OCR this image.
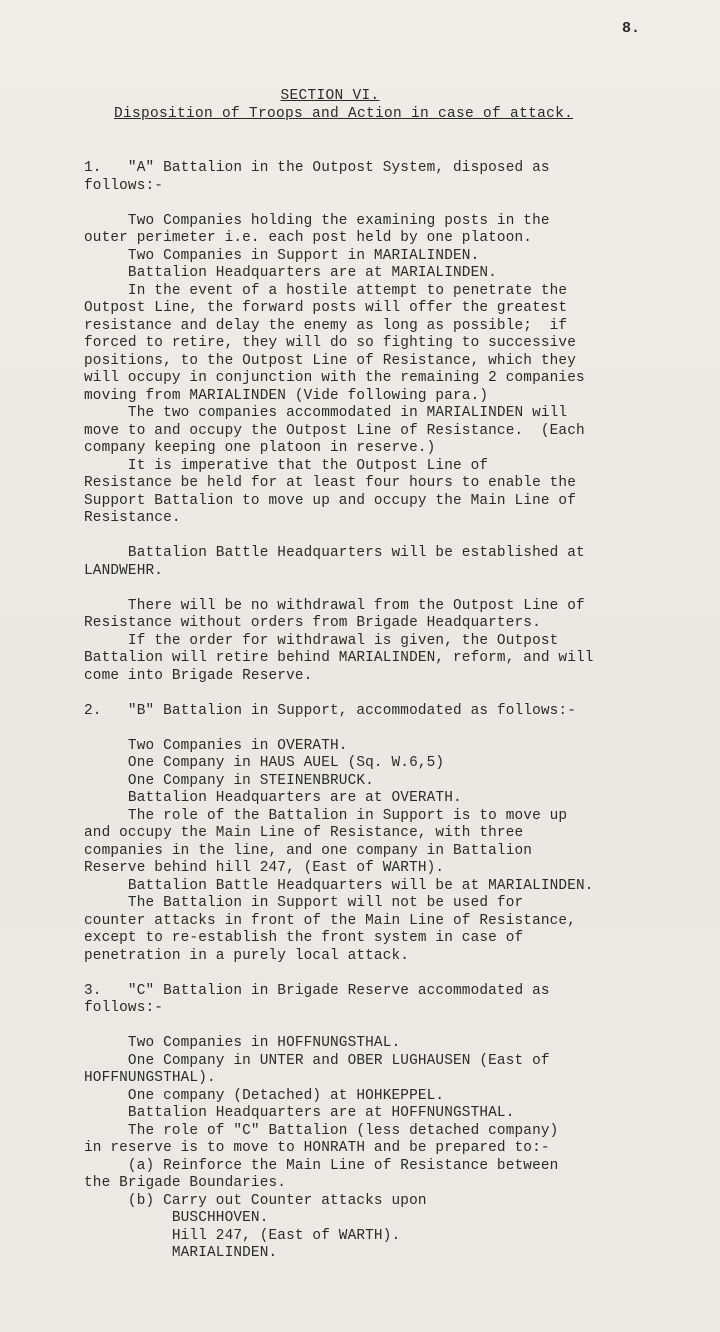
8.
SECTION VI.
Disposition of Troops and Action in case of attack.
1.   "A" Battalion in the Outpost System, disposed as
follows:-
Two Companies holding the examining posts in the
outer perimeter i.e. each post held by one platoon.
Two Companies in Support in MARIALINDEN.
Battalion Headquarters are at MARIALINDEN.
In the event of a hostile attempt to penetrate the
Outpost Line, the forward posts will offer the greatest
resistance and delay the enemy as long as possible;  if
forced to retire, they will do so fighting to successive
positions, to the Outpost Line of Resistance, which they
will occupy in conjunction with the remaining 2 companies
moving from MARIALINDEN (Vide following para.)
The two companies accommodated in MARIALINDEN will
move to and occupy the Outpost Line of Resistance.  (Each
company keeping one platoon in reserve.)
It is imperative that the Outpost Line of
Resistance be held for at least four hours to enable the
Support Battalion to move up and occupy the Main Line of
Resistance.
Battalion Battle Headquarters will be established at
LANDWEHR.
There will be no withdrawal from the Outpost Line of
Resistance without orders from Brigade Headquarters.
If the order for withdrawal is given, the Outpost
Battalion will retire behind MARIALINDEN, reform, and will
come into Brigade Reserve.
2.   "B" Battalion in Support, accommodated as follows:-
Two Companies in OVERATH.
One Company in HAUS AUEL (Sq. W.6,5)
One Company in STEINENBRUCK.
Battalion Headquarters are at OVERATH.
The role of the Battalion in Support is to move up
and occupy the Main Line of Resistance, with three
companies in the line, and one company in Battalion
Reserve behind hill 247, (East of WARTH).
Battalion Battle Headquarters will be at MARIALINDEN.
The Battalion in Support will not be used for
counter attacks in front of the Main Line of Resistance,
except to re-establish the front system in case of
penetration in a purely local attack.
3.   "C" Battalion in Brigade Reserve accommodated as
follows:-
Two Companies in HOFFNUNGSTHAL.
One Company in UNTER and OBER LUGHAUSEN (East of
HOFFNUNGSTHAL).
One company (Detached) at HOHKEPPEL.
Battalion Headquarters are at HOFFNUNGSTHAL.
The role of "C" Battalion (less detached company)
in reserve is to move to HONRATH and be prepared to:-
(a) Reinforce the Main Line of Resistance between
the Brigade Boundaries.
(b) Carry out Counter attacks upon
BUSCHHOVEN.
Hill 247, (East of WARTH).
MARIALINDEN.
